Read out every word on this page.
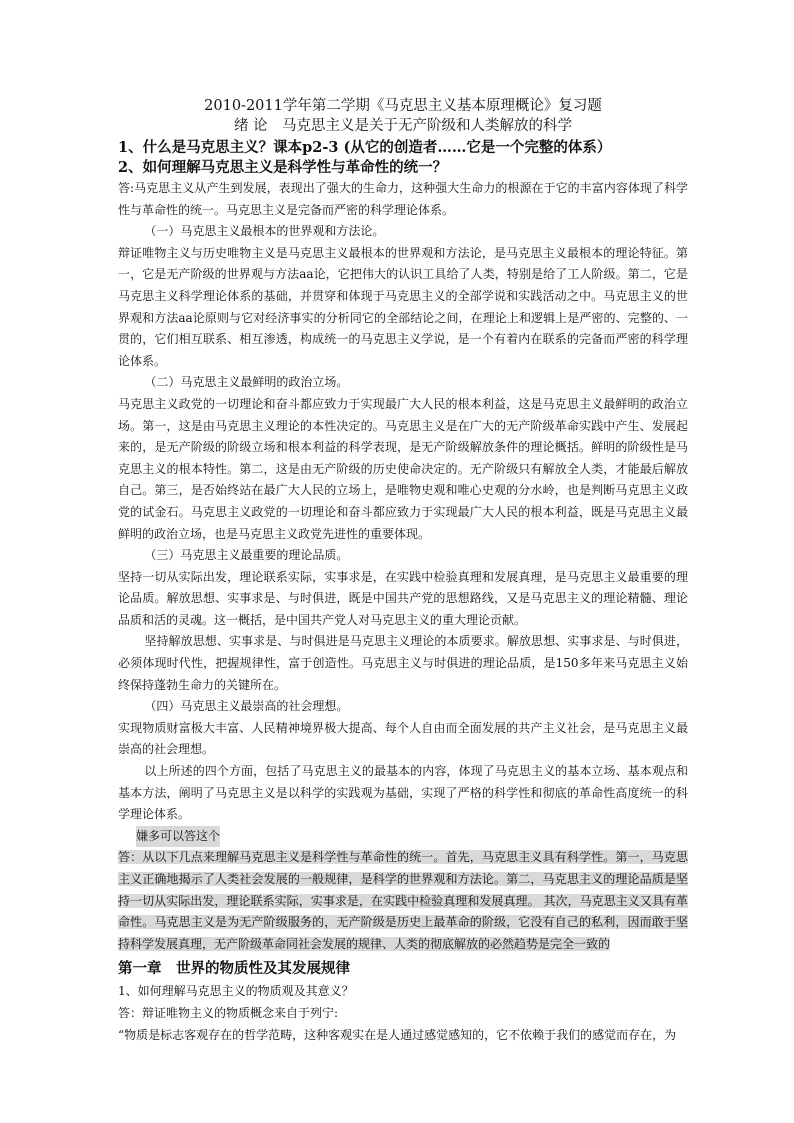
2010-2011学年第二学期《马克思主义基本原理概论》复习题

绪 论　马克思主义是关于无产阶级和人类解放的科学

1、什么是马克思主义？课本p2-3 (从它的创造者……它是一个完整的体系）

2、如何理解马克思主义是科学性与革命性的统一？

答:马克思主义从产生到发展，表现出了强大的生命力，这种强大生命力的根源在于它的丰富内容体现了科学性与革命性的统一。马克思主义是完备而严密的科学理论体系。

（一）马克思主义最根本的世界观和方法论。

辩证唯物主义与历史唯物主义是马克思主义最根本的世界观和方法论，是马克思主义最根本的理论特征。第一，它是无产阶级的世界观与方法aa论，它把伟大的认识工具给了人类，特别是给了工人阶级。第二，它是马克思主义科学理论体系的基础，并贯穿和体现于马克思主义的全部学说和实践活动之中。马克思主义的世界观和方法aa论原则与它对经济事实的分析同它的全部结论之间，在理论上和逻辑上是严密的、完整的、一贯的，它们相互联系、相互渗透，构成统一的马克思主义学说，是一个有着内在联系的完备而严密的科学理论体系。

（二）马克思主义最鲜明的政治立场。

马克思主义政党的一切理论和奋斗都应致力于实现最广大人民的根本利益，这是马克思主义最鲜明的政治立场。第一，这是由马克思主义理论的本性决定的。马克思主义是在广大的无产阶级革命实践中产生、发展起来的，是无产阶级的阶级立场和根本利益的科学表现，是无产阶级解放条件的理论概括。鲜明的阶级性是马克思主义的根本特性。第二，这是由无产阶级的历史使命决定的。无产阶级只有解放全人类，才能最后解放自己。第三，是否始终站在最广大人民的立场上，是唯物史观和唯心史观的分水岭，也是判断马克思主义政党的试金石。马克思主义政党的一切理论和奋斗都应致力于实现最广大人民的根本利益，既是马克思主义最鲜明的政治立场，也是马克思主义政党先进性的重要体现。

（三）马克思主义最重要的理论品质。

坚持一切从实际出发，理论联系实际，实事求是，在实践中检验真理和发展真理，是马克思主义最重要的理论品质。解放思想、实事求是、与时俱进，既是中国共产党的思想路线，又是马克思主义的理论精髓、理论品质和活的灵魂。这一概括，是中国共产党人对马克思主义的重大理论贡献。

坚持解放思想、实事求是、与时俱进是马克思主义理论的本质要求。解放思想、实事求是、与时俱进，必须体现时代性，把握规律性，富于创造性。马克思主义与时俱进的理论品质，是150多年来马克思主义始终保持蓬勃生命力的关键所在。

（四）马克思主义最崇高的社会理想。

实现物质财富极大丰富、人民精神境界极大提高、每个人自由而全面发展的共产主义社会，是马克思主义最崇高的社会理想。

以上所述的四个方面，包括了马克思主义的最基本的内容，体现了马克思主义的基本立场、基本观点和基本方法，阐明了马克思主义是以科学的实践观为基础，实现了严格的科学性和彻底的革命性高度统一的科学理论体系。

嫌多可以答这个

答：从以下几点来理解马克思主义是科学性与革命性的统一。首先，马克思主义具有科学性。第一，马克思主义正确地揭示了人类社会发展的一般规律，是科学的世界观和方法论。第二，马克思主义的理论品质是坚持一切从实际出发，理论联系实际，实事求是，在实践中检验真理和发展真理。 其次，马克思主义又具有革命性。马克思主义是为无产阶级服务的，无产阶级是历史上最革命的阶级，它没有自己的私利，因而敢于坚持科学发展真理，无产阶级革命同社会发展的规律、人类的彻底解放的必然趋势是完全一致的

第一章　世界的物质性及其发展规律

1、如何理解马克思主义的物质观及其意义？

答：辩证唯物主义的物质概念来自于列宁:

“物质是标志客观存在的哲学范畴，这种客观实在是人通过感觉感知的，它不依赖于我们的感觉而存在，为
